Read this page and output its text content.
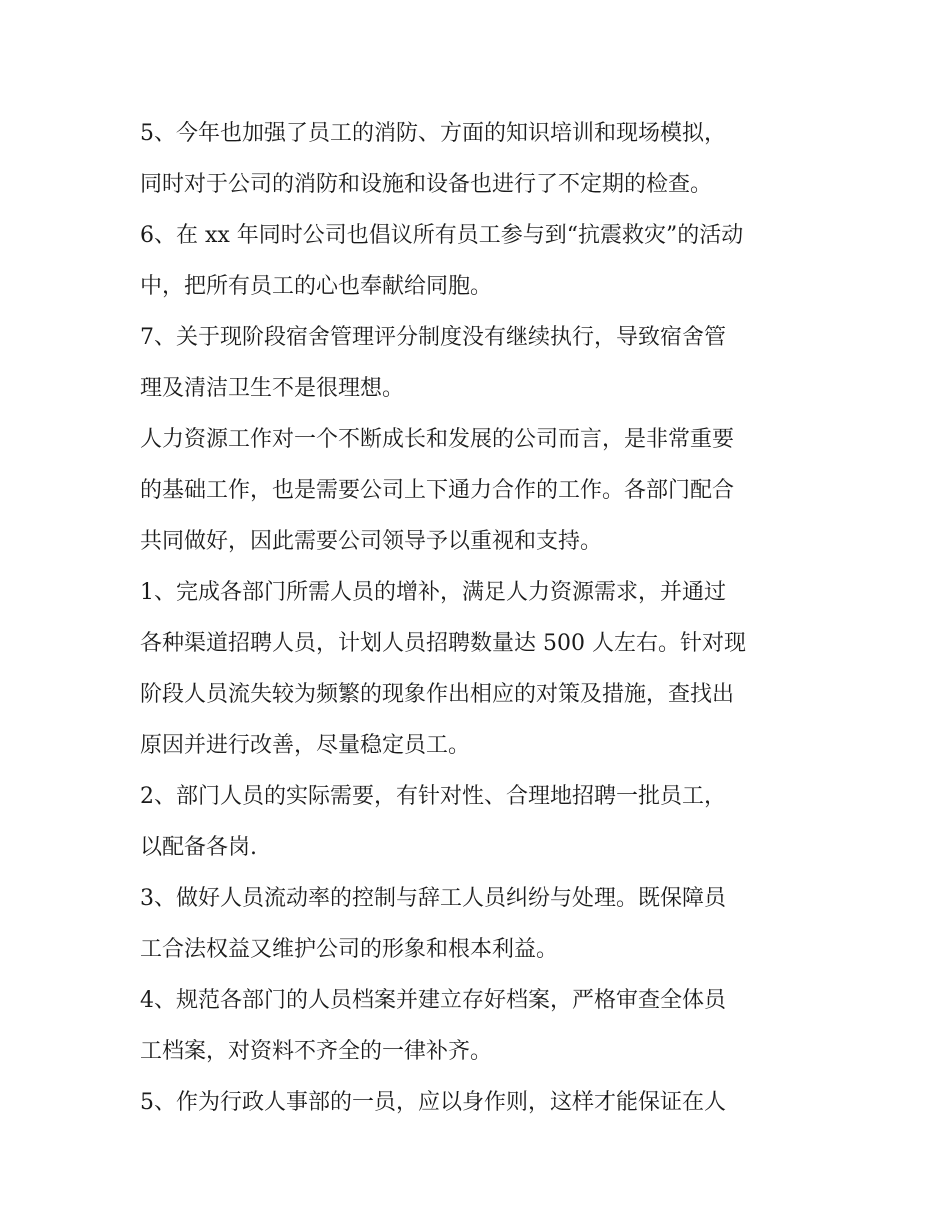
5、今年也加强了员工的消防、方面的知识培训和现场模拟，
同时对于公司的消防和设施和设备也进行了不定期的检查。
6、在 xx 年同时公司也倡议所有员工参与到“抗震救灾”的活动
中，把所有员工的心也奉献给同胞。
7、关于现阶段宿舍管理评分制度没有继续执行，导致宿舍管
理及清洁卫生不是很理想。
人力资源工作对一个不断成长和发展的公司而言，是非常重要
的基础工作，也是需要公司上下通力合作的工作。各部门配合
共同做好，因此需要公司领导予以重视和支持。
1、完成各部门所需人员的增补，满足人力资源需求，并通过
各种渠道招聘人员，计划人员招聘数量达 500 人左右。针对现
阶段人员流失较为频繁的现象作出相应的对策及措施，查找出
原因并进行改善，尽量稳定员工。
2、部门人员的实际需要，有针对性、合理地招聘一批员工，
以配备各岗.
3、做好人员流动率的控制与辞工人员纠纷与处理。既保障员
工合法权益又维护公司的形象和根本利益。
4、规范各部门的人员档案并建立存好档案，严格审查全体员
工档案，对资料不齐全的一律补齐。
5、作为行政人事部的一员，应以身作则，这样才能保证在人
